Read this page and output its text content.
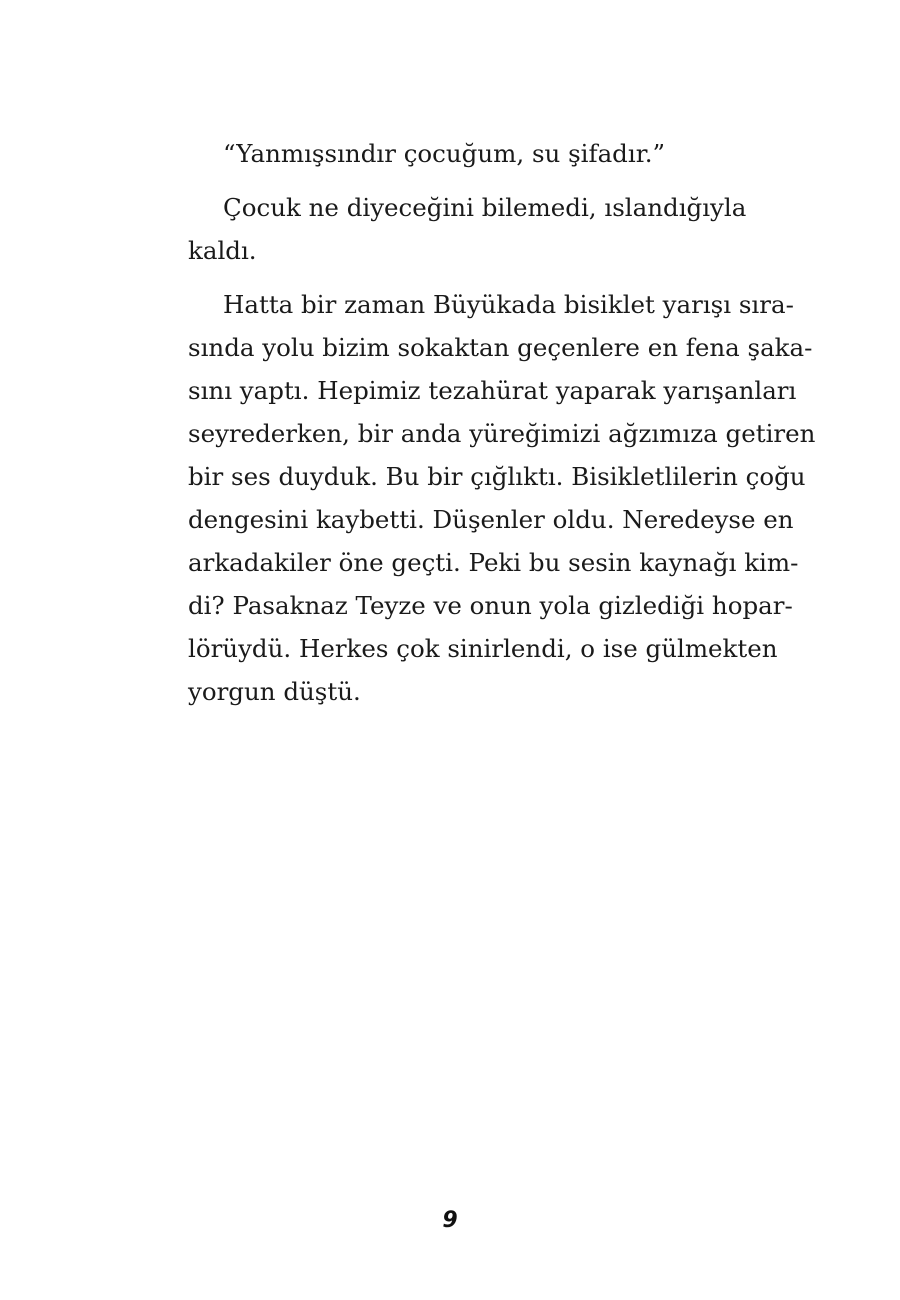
“Yanmışsındır çocuğum, su şifadır.”

Çocuk ne diyeceğini bilemedi, ıslandığıyla
kaldı.

Hatta bir zaman Büyükada bisiklet yarışı sıra-
sında yolu bizim sokaktan geçenlere en fena şaka-
sını yaptı. Hepimiz tezahürat yaparak yarışanları
seyrederken, bir anda yüreğimizi ağzımıza getiren
bir ses duyduk. Bu bir çığlıktı. Bisikletlilerin çoğu
dengesini kaybetti. Düşenler oldu. Neredeyse en
arkadakiler öne geçti. Peki bu sesin kaynağı kim-
di? Pasaknaz Teyze ve onun yola gizlediği hopar-
lörüydü. Herkes çok sinirlendi, o ise gülmekten
yorgun düştü.

9
